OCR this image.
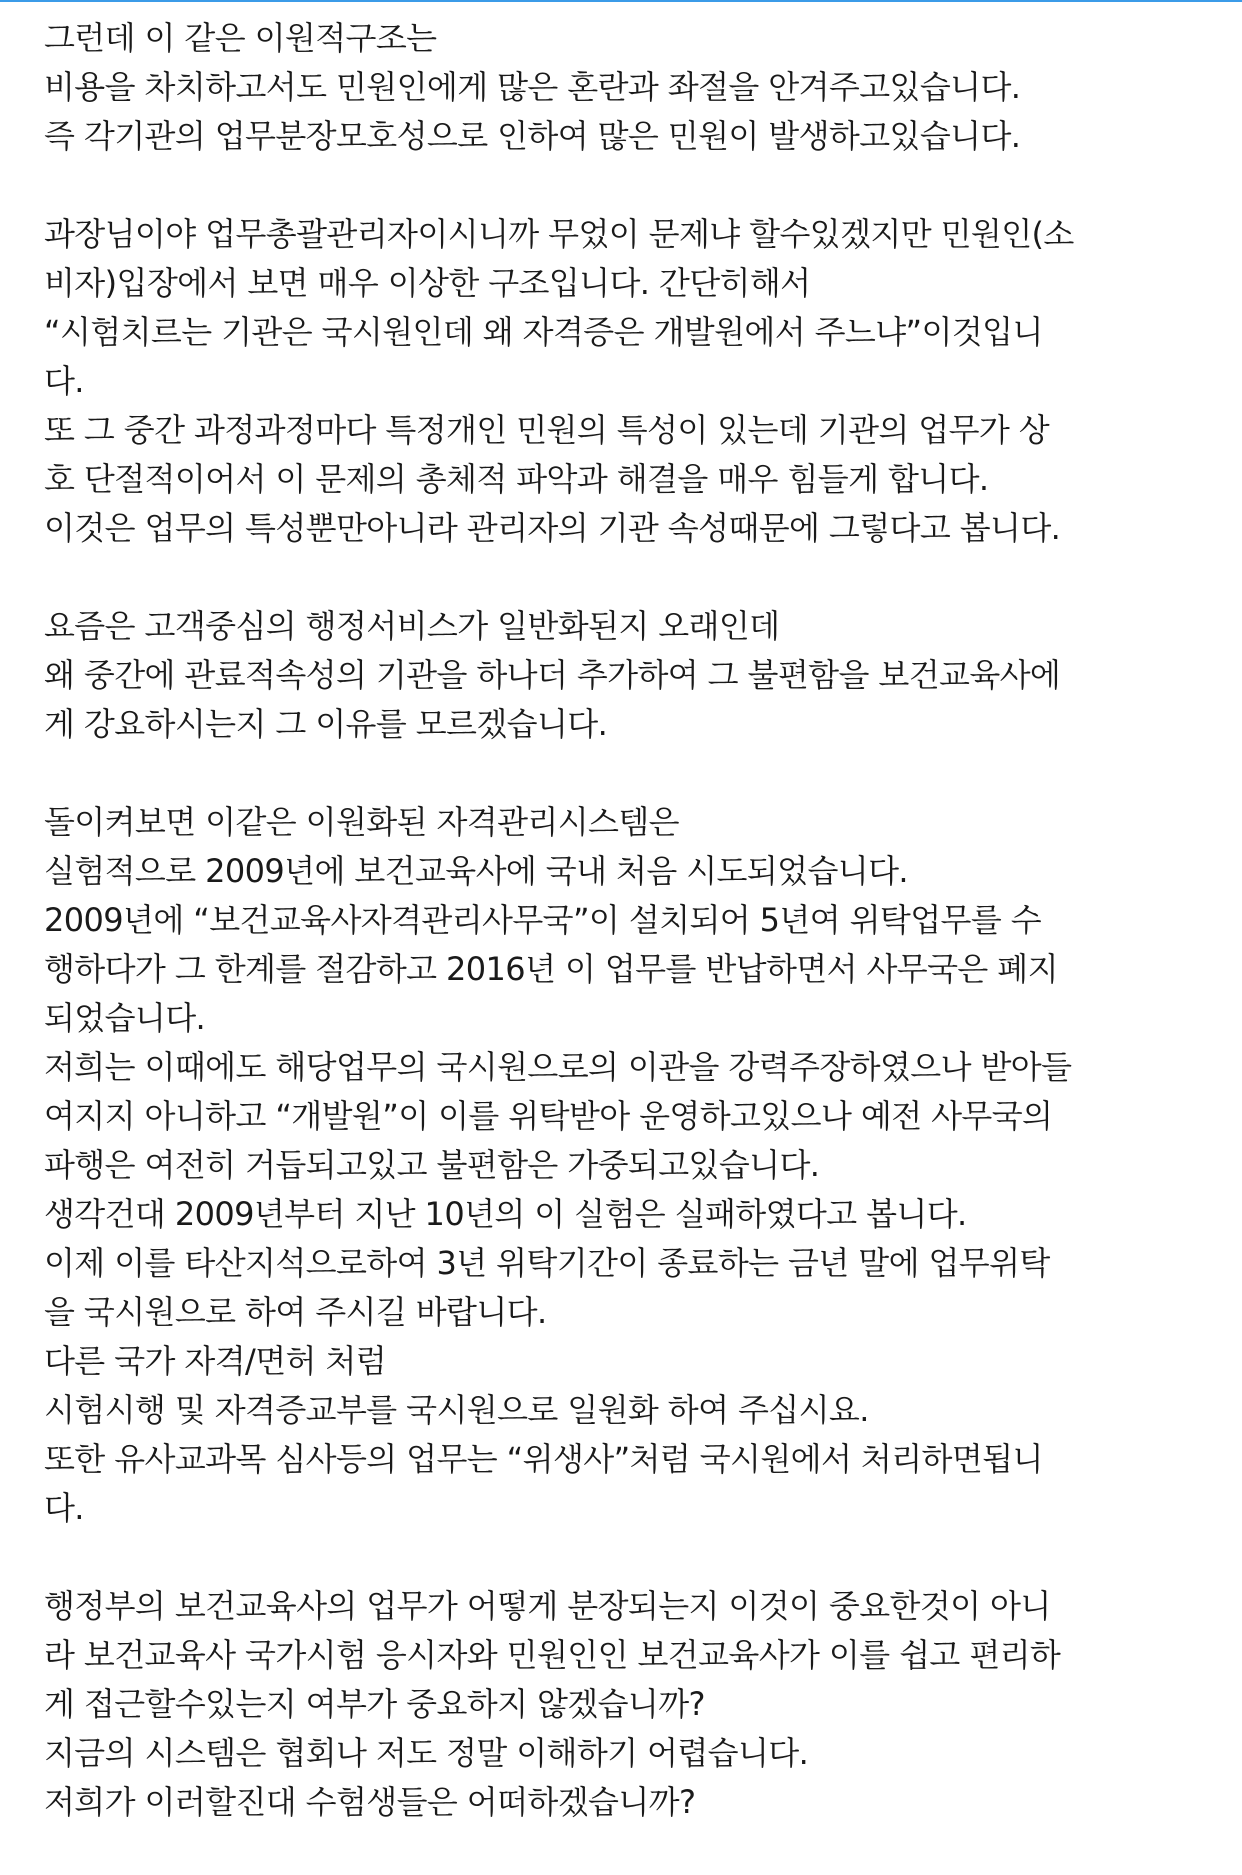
그런데 이 같은 이원적구조는
비용을 차치하고서도 민원인에게 많은 혼란과 좌절을 안겨주고있습니다.
즉 각기관의 업무분장모호성으로 인하여 많은 민원이 발생하고있습니다.
과장님이야 업무총괄관리자이시니까 무었이 문제냐 할수있겠지만 민원인(소
비자)입장에서 보면 매우 이상한 구조입니다. 간단히해서
“시험치르는 기관은 국시원인데 왜 자격증은 개발원에서 주느냐”이것입니
다.
또 그 중간 과정과정마다 특정개인 민원의 특성이 있는데 기관의 업무가 상
호 단절적이어서 이 문제의 총체적 파악과 해결을 매우 힘들게 합니다.
이것은 업무의 특성뿐만아니라 관리자의 기관 속성때문에 그렇다고 봅니다.
요즘은 고객중심의 행정서비스가 일반화된지 오래인데
왜 중간에 관료적속성의 기관을 하나더 추가하여 그 불편함을 보건교육사에
게 강요하시는지 그 이유를 모르겠습니다.
돌이켜보면 이같은 이원화된 자격관리시스템은
실험적으로 2009년에 보건교육사에 국내 처음 시도되었습니다.
2009년에 “보건교육사자격관리사무국”이 설치되어 5년여 위탁업무를 수
행하다가 그 한계를 절감하고 2016년 이 업무를 반납하면서 사무국은 폐지
되었습니다.
저희는 이때에도 해당업무의 국시원으로의 이관을 강력주장하였으나 받아들
여지지 아니하고 “개발원”이 이를 위탁받아 운영하고있으나 예전 사무국의
파행은 여전히 거듭되고있고 불편함은 가중되고있습니다.
생각건대 2009년부터 지난 10년의 이 실험은 실패하였다고 봅니다.
이제 이를 타산지석으로하여 3년 위탁기간이 종료하는 금년 말에 업무위탁
을 국시원으로 하여 주시길 바랍니다.
다른 국가 자격/면허 처럼
시험시행 및 자격증교부를 국시원으로 일원화 하여 주십시요.
또한 유사교과목 심사등의 업무는 “위생사”처럼 국시원에서 처리하면됩니
다.
행정부의 보건교육사의 업무가 어떻게 분장되는지 이것이 중요한것이 아니
라 보건교육사 국가시험 응시자와 민원인인 보건교육사가 이를 쉽고 편리하
게 접근할수있는지 여부가 중요하지 않겠습니까?
지금의 시스템은 협회나 저도 정말 이해하기 어렵습니다.
저희가 이러할진대 수험생들은 어떠하겠습니까?
